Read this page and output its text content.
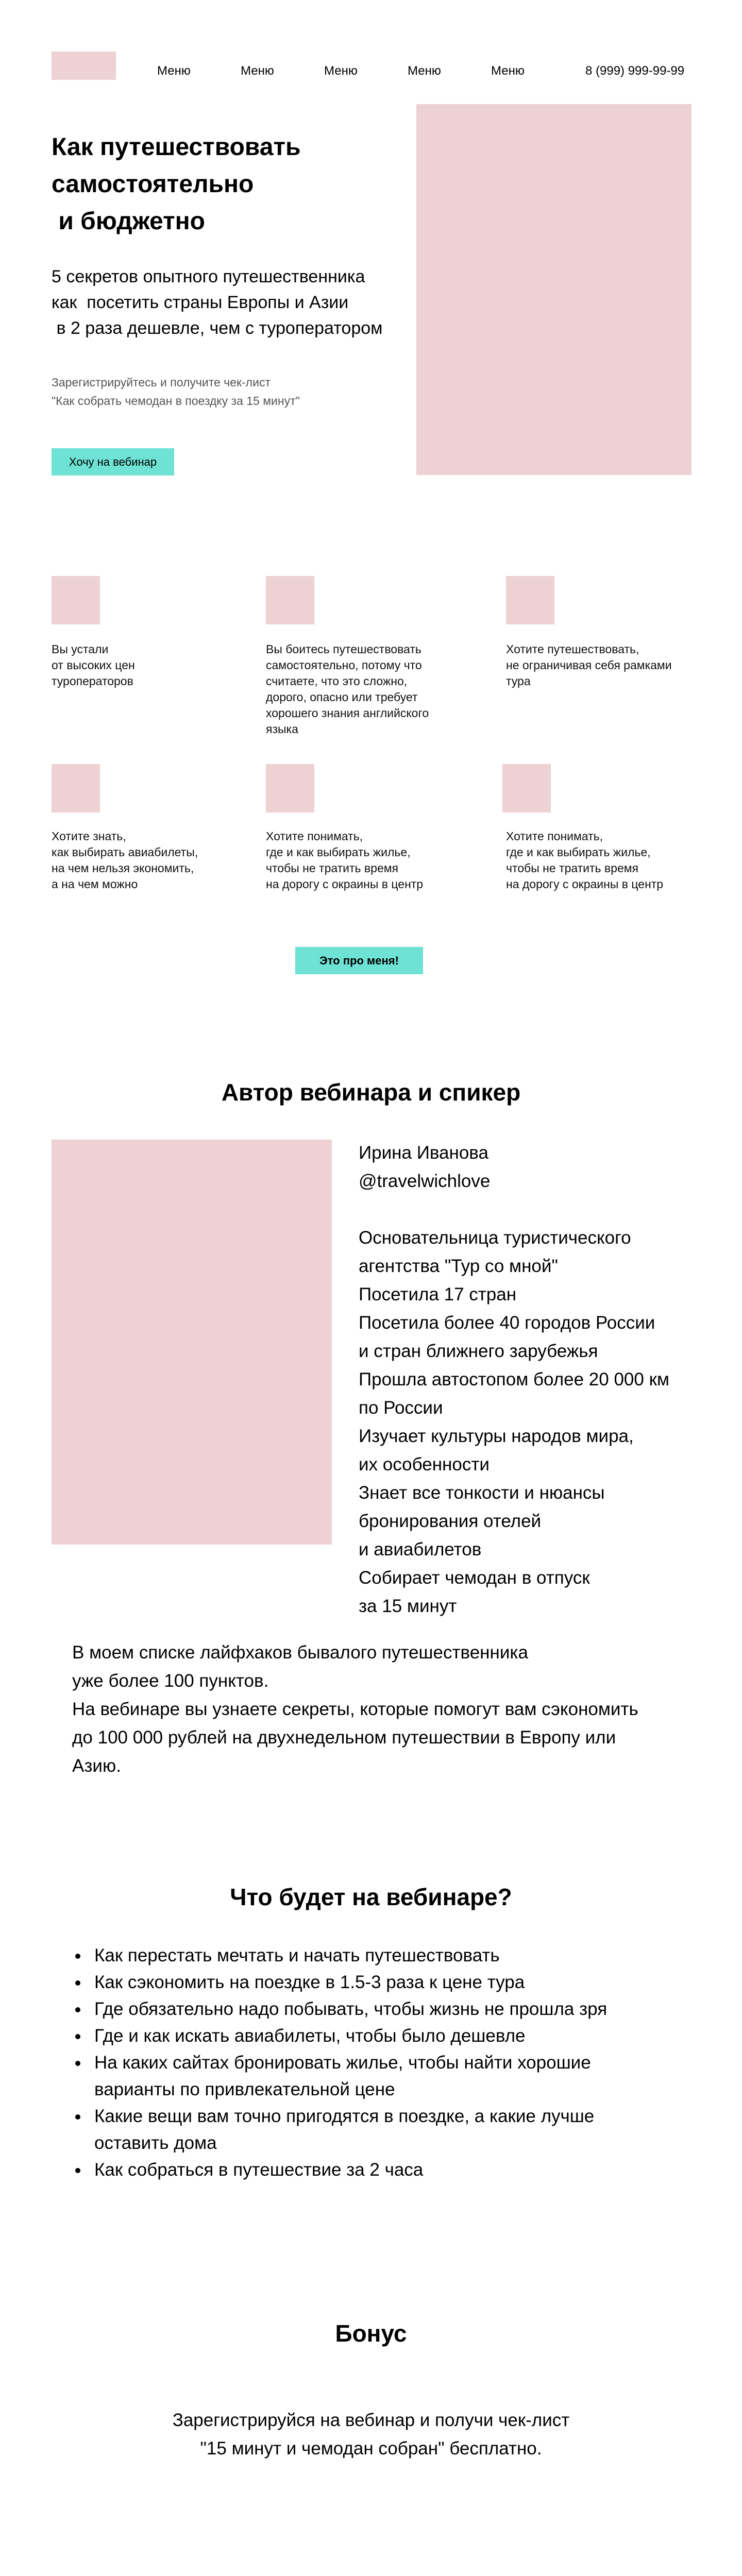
Меню	Меню	Меню	Меню	Меню	8 (999) 999-99-99
Как путешествовать
самостоятельно
и бюджетно
5 секретов опытного путешественника
как  посетить страны Европы и Азии
в 2 раза дешевле, чем с туроператором
Зарегистрируйтесь и получите чек-лист
"Как собрать чемодан в поездку за 15 минут"
Хочу на вебинар
Вы устали
от высоких цен
туроператоров
Вы боитесь путешествовать
самостоятельно, потому что
считаете, что это сложно,
дорого, опасно или требует
хорошего знания английского
языка
Хотите путешествовать,
не ограничивая себя рамками
тура
Хотите знать,
как выбирать авиабилеты,
на чем нельзя экономить,
а на чем можно
Хотите понимать,
где и как выбирать жилье,
чтобы не тратить время
на дорогу с окраины в центр
Хотите понимать,
где и как выбирать жилье,
чтобы не тратить время
на дорогу с окраины в центр
Это про меня!
Автор вебинара и спикер

Ирина Иванова

@travelwichlove

Основательница туристического

агентства "Тур со мной"

Посетила 17 стран

Посетила более 40 городов России

и стран ближнего зарубежья

Прошла автостопом более 20 000 км

по России

Изучает культуры народов мира,

их особенности

Знает все тонкости и нюансы

бронирования отелей

и авиабилетов

Собирает чемодан в отпуск

за 15 минут

В моем списке лайфхаков бывалого путешественника
уже более 100 пунктов.
На вебинаре вы узнаете секреты, которые помогут вам сэкономить
до 100 000 рублей на двухнедельном путешествии в Европу или
Азию.
Что будет на вебинаре?
Как перестать мечтать и начать путешествовать
Как сэкономить на поездке в 1.5-3 раза к цене тура
Где обязательно надо побывать, чтобы жизнь не прошла зря
Где и как искать авиабилеты, чтобы было дешевле
На каких сайтах бронировать жилье, чтобы найти хорошие
варианты по привлекательной цене
Какие вещи вам точно пригодятся в поездке, а какие лучше
оставить дома
Как собраться в путешествие за 2 часа
Бонус
Зарегистрируйся на вебинар и получи чек-лист
"15 минут и чемодан собран" бесплатно.
